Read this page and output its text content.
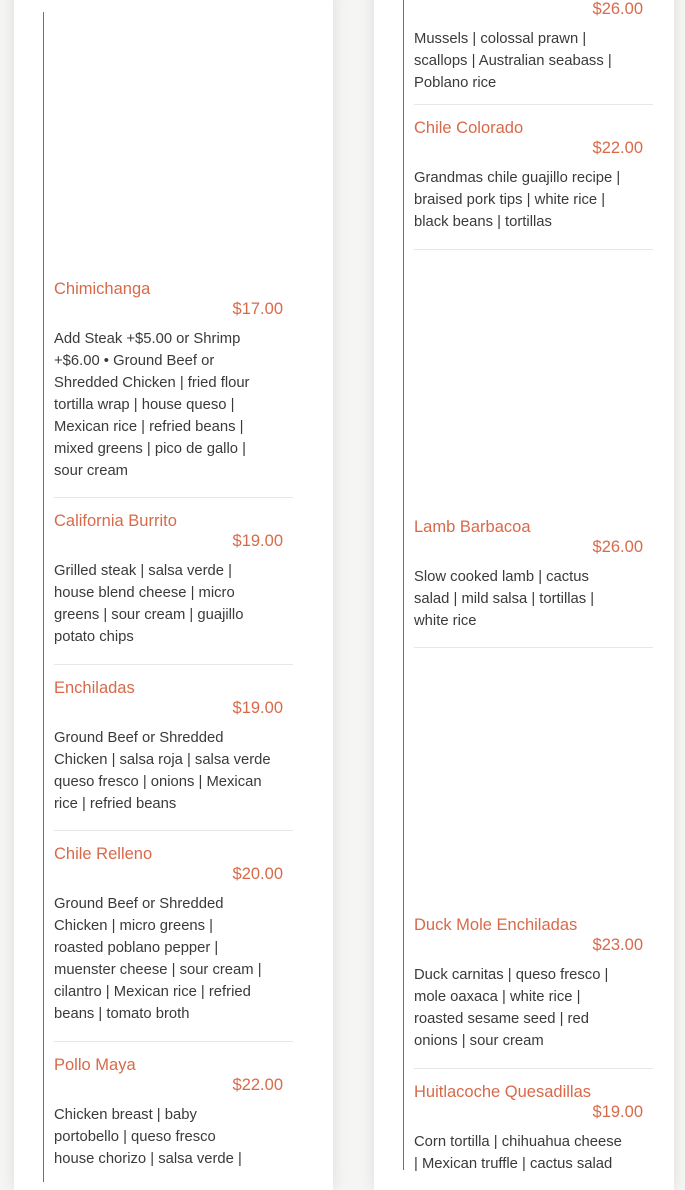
Chimichanga
$17.00
Add Steak +$5.00 or Shrimp
+$6.00 • Ground Beef or
Shredded Chicken | fried flour
tortilla wrap | house queso |
Mexican rice | refried beans |
mixed greens | pico de gallo |
sour cream
California Burrito
$19.00
Grilled steak | salsa verde |
house blend cheese | micro
greens | sour cream | guajillo
potato chips
Enchiladas
$19.00
Ground Beef or Shredded
Chicken | salsa roja | salsa verde
queso fresco | onions | Mexican
rice | refried beans
Chile Relleno
$20.00
Ground Beef or Shredded
Chicken | micro greens |
roasted poblano pepper |
muenster cheese | sour cream |
cilantro | Mexican rice | refried
beans | tomato broth
Pollo Maya
$22.00
Chicken breast | baby
portobello | queso fresco
house chorizo | salsa verde |
$26.00
Mussels | colossal prawn |
scallops | Australian seabass |
Poblano rice
Chile Colorado
$22.00
Grandmas chile guajillo recipe |
braised pork tips | white rice |
black beans | tortillas
Lamb Barbacoa
$26.00
Slow cooked lamb | cactus
salad | mild salsa | tortillas |
white rice
Duck Mole Enchiladas
$23.00
Duck carnitas | queso fresco |
mole oaxaca | white rice |
roasted sesame seed | red
onions | sour cream
Huitlacoche Quesadillas
$19.00
Corn tortilla | chihuahua cheese
| Mexican truffle | cactus salad
